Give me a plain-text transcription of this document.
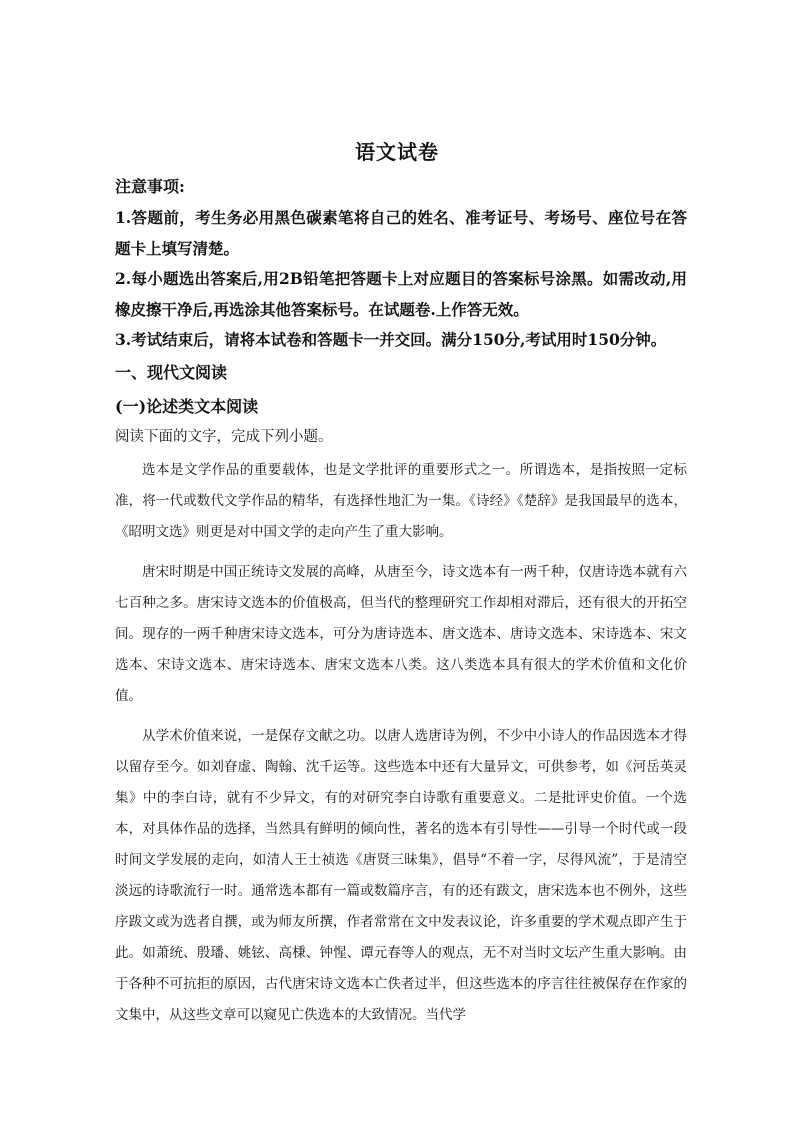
语文试卷
注意事项:

1.答题前，考生务必用黑色碳素笔将自己的姓名、准考证号、考场号、座位号在答题卡上填写清楚。

2.每小题选出答案后,用2B铅笔把答题卡上对应题目的答案标号涂黑。如需改动,用橡皮擦干净后,再选涂其他答案标号。在试题卷.上作答无效。

3.考试结束后，请将本试卷和答题卡一并交回。满分150分,考试用时150分钟。

一、现代文阅读
(一)论述类文本阅读
阅读下面的文字，完成下列小题。

选本是文学作品的重要载体，也是文学批评的重要形式之一。所谓选本，是指按照一定标准，将一代或数代文学作品的精华，有选择性地汇为一集。《诗经》《楚辞》是我国最早的选本，《昭明文选》则更是对中国文学的走向产生了重大影响。

唐宋时期是中国正统诗文发展的高峰，从唐至今，诗文选本有一两千种，仅唐诗选本就有六七百种之多。唐宋诗文选本的价值极高，但当代的整理研究工作却相对滞后，还有很大的开拓空间。现存的一两千种唐宋诗文选本，可分为唐诗选本、唐文选本、唐诗文选本、宋诗选本、宋文选本、宋诗文选本、唐宋诗选本、唐宋文选本八类。这八类选本具有很大的学术价值和文化价值。

从学术价值来说，一是保存文献之功。以唐人选唐诗为例，不少中小诗人的作品因选本才得以留存至今。如刘眘虚、陶翰、沈千运等。这些选本中还有大量异文，可供参考，如《河岳英灵集》中的李白诗，就有不少异文，有的对研究李白诗歌有重要意义。二是批评史价值。一个选本，对具体作品的选择，当然具有鲜明的倾向性，著名的选本有引导性——引导一个时代或一段时间文学发展的走向，如清人王士祯选《唐贤三昧集》，倡导“不着一字，尽得风流”，于是清空淡远的诗歌流行一时。通常选本都有一篇或数篇序言，有的还有跋文，唐宋选本也不例外，这些序跋文或为选者自撰，或为师友所撰，作者常常在文中发表议论，许多重要的学术观点即产生于此。如萧统、殷璠、姚铉、高棅、钟惺、谭元春等人的观点，无不对当时文坛产生重大影响。由于各种不可抗拒的原因，古代唐宋诗文选本亡佚者过半，但这些选本的序言往往被保存在作家的文集中，从这些文章可以窥见亡佚选本的大致情况。当代学
